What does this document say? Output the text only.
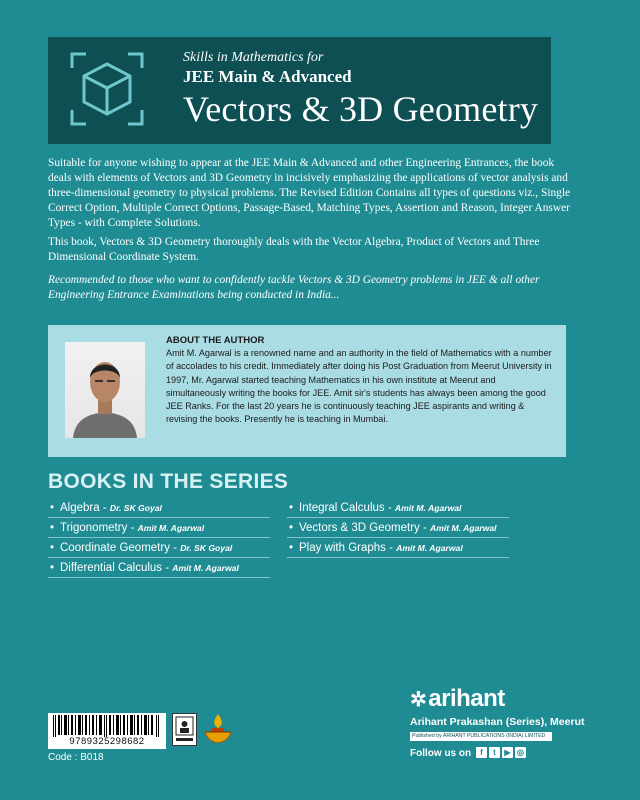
Skills in Mathematics for
JEE Main & Advanced
Vectors & 3D Geometry

Suitable for anyone wishing to appear at the JEE Main & Advanced and other Engineering Entrances, the book deals with elements of Vectors and 3D Geometry in incisively emphasizing the applications of vector analysis and three-dimensional geometry to physical problems. The Revised Edition Contains all types of questions viz., Single Correct Option, Multiple Correct Options, Passage-Based, Matching Types, Assertion and Reason, Integer Answer Types - with Complete Solutions.

This book, Vectors & 3D Geometry thoroughly deals with the Vector Algebra, Product of Vectors and Three Dimensional Coordinate System.

Recommended to those who want to confidently tackle Vectors & 3D Geometry problems in JEE & all other Engineering Entrance Examinations being conducted in India...

ABOUT THE AUTHOR
Amit M. Agarwal is a renowned name and an authority in the field of Mathematics with a number of accolades to his credit. Immediately after doing his Post Graduation from Meerut University in 1997, Mr. Agarwal started teaching Mathematics in his own institute at Meerut and simultaneously writing the books for JEE. Amit sir's students has always been among the good JEE Ranks. For the last 20 years he is continuously teaching JEE aspirants and writing & revising the books. Presently he is teaching in Mumbai.
BOOKS IN THE SERIES
• Algebra - Dr. SK Goyal
• Trigonometry - Amit M. Agarwal
• Coordinate Geometry - Dr. SK Goyal
• Differential Calculus - Amit M. Agarwal
• Integral Calculus - Amit M. Agarwal
• Vectors & 3D Geometry - Amit M. Agarwal
• Play with Graphs - Amit M. Agarwal
9789325298682
Code : B018
✲arihant
Arihant Prakashan (Series), Meerut
Published by ARIHANT PUBLICATIONS (INDIA) LIMITED
Follow us on	f	t	▶ ◎
